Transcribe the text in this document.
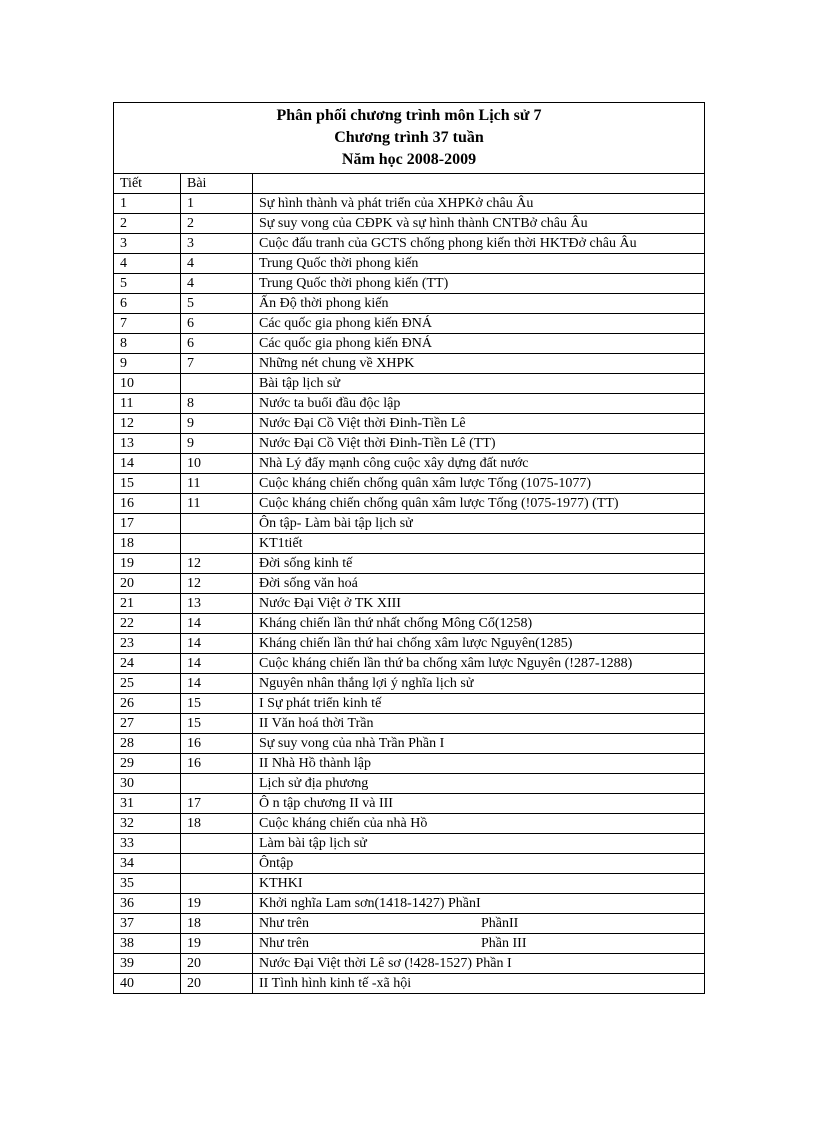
Phân phối chương trình môn Lịch sử 7
Chương trình 37 tuần
Năm học 2008-2009		

Tiết	Bài	
1	1	Sự hình thành và phát triển của XHPKở châu Âu
2	2	Sự suy vong của CĐPK và sự hình thành CNTBở châu Âu
3	3	Cuộc đấu tranh của GCTS chống phong kiến thời HKTĐở châu Âu
4	4	Trung Quốc thời phong kiến
5	4	Trung Quốc thời phong kiến (TT)
6	5	Ấn Độ thời phong kiến
7	6	Các quốc gia phong kiến ĐNÁ
8	6	Các quốc gia phong kiến ĐNÁ
9	7	Những nét chung về XHPK
10		Bài tập lịch sử
11	8	Nước ta buổi đầu độc lập
12	9	Nước Đại Cồ Việt thời Đinh-Tiền Lê
13	9	Nước Đại Cồ Việt thời Đinh-Tiền Lê (TT)
14	10	Nhà Lý đẩy mạnh công cuộc xây dựng đất nước
15	11	Cuộc kháng chiến chống quân xâm lược Tống (1075-1077)
16	11	Cuộc kháng chiến chống quân xâm lược Tống (!075-1977) (TT)
17		Ôn tập- Làm bài tập lịch sử
18		KT1tiết
19	12	Đời sống kinh tế
20	12	Đời sống văn hoá
21	13	Nước Đại Việt ở TK XIII
22	14	Kháng chiến lần thứ nhất chống Mông Cổ(1258)
23	14	Kháng chiến lần thứ hai chống xâm lược Nguyên(1285)
24	14	Cuộc kháng chiến lần thứ ba chống xâm lược Nguyên (!287-1288)
25	14	Nguyên nhân thắng lợi ý nghĩa lịch sử
26	15	I Sự phát triển kinh tế
27	15	II Văn hoá thời Trần
28	16	Sự suy vong của nhà Trần Phần I
29	16	II Nhà Hồ thành lập
30		Lịch sử địa phương
31	17	Ô n tập chương II và III
32	18	Cuộc kháng chiến của nhà Hồ
33		Làm bài tập lịch sử
34		Ôntập
35		KTHKI
36	19	Khởi nghĩa Lam sơn(1418-1427) PhầnI
37	18	Như trên PhầnII
38	19	Như trên Phần III
39	20	Nước Đại Việt thời Lê sơ (!428-1527) Phần I
40	20	II Tình hình kinh tế -xã hội
